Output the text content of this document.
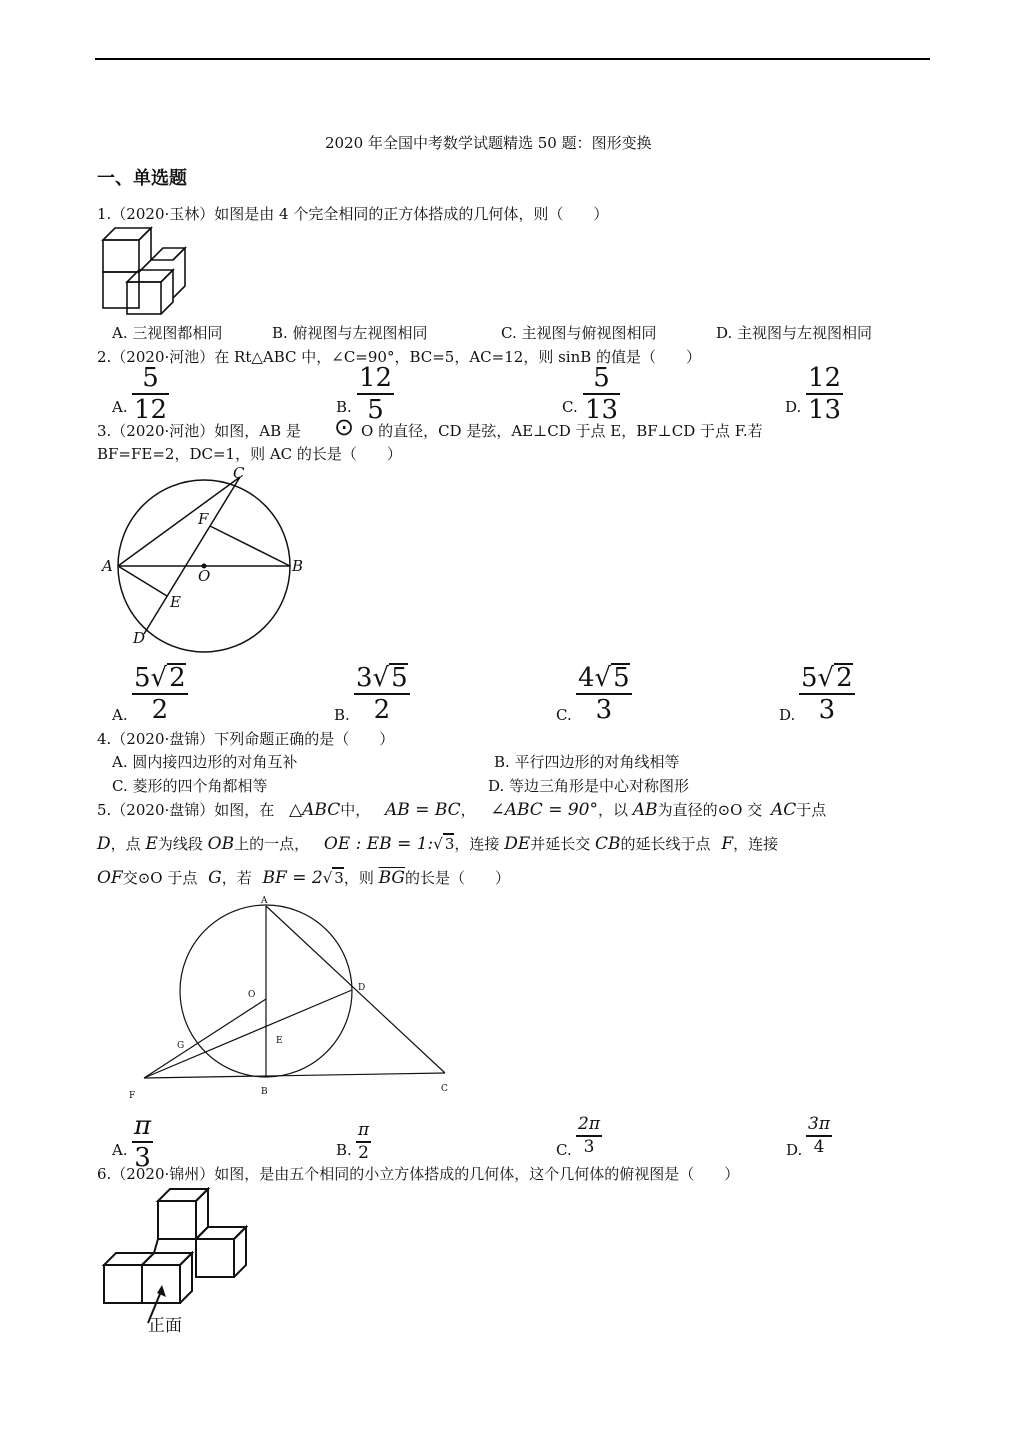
2020 年全国中考数学试题精选 50 题：图形变换
一、单选题
1.（2020·玉林）如图是由 4 个完全相同的正方体搭成的几何体，则（　　）
A. 三视图都相同	B. 俯视图与左视图相同	C. 主视图与俯视图相同	D. 主视图与左视图相同
2.（2020·河池）在 Rt△ABC 中，∠C=90°，BC=5，AC=12，则 sinB 的值是（　　）
A.
5
12	B.
12
5	C.
5
13	D.
12
13
3.（2020·河池）如图，AB 是 ⊙ O 的直径，CD 是弦，AE⊥CD 于点 E，BF⊥CD 于点 F.若
BF=FE=2，DC=1，则 AC 的长是（　　）
A	B
C
D
E
F
O
A.
5√2
2	B.
3√5
2	C.
4√5
3	D.
5√2
3
4.（2020·盘锦）下列命题正确的是（　　）
A. 圆内接四边形的对角互补	B. 平行四边形的对角线相等
C. 菱形的四个角都相等	D. 等边三角形是中心对称图形
5.（2020·盘锦）如图，在 △ABC中， AB = BC， ∠ABC = 90°，以 AB为直径的⊙O 交 AC于点
D，点 E为线段 OB上的一点， OE : EB = 1:√ 3，连接 DE并延长交 CB的延长线于点 F，连接
OF交⊙O 于点 G，若 BF = 2√ 3，则 $\overline{BG}$的长是（　　）
A
B	C
D
E
F
G
O
A.
π
3	B.
π
2	C.
2π
3	D.
3π
4
6.（2020·锦州）如图，是由五个相同的小立方体搭成的几何体，这个几何体的俯视图是（　　）
正面
